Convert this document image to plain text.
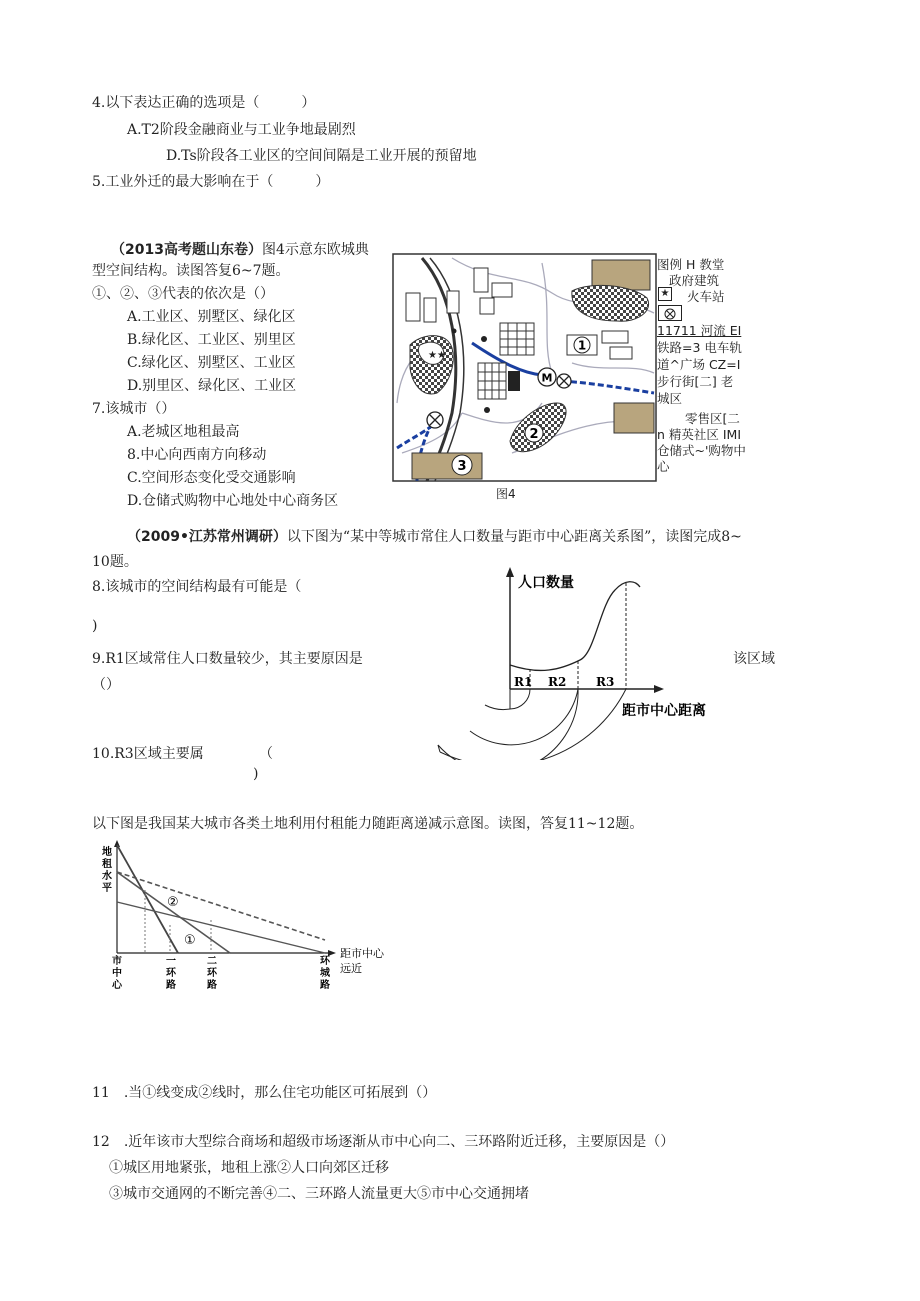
4.以下表达正确的选项是（　　　）
A.T2阶段金融商业与工业争地最剧烈
D.Ts阶段各工业区的空间间隔是工业开展的预留地
5.工业外迁的最大影响在于（　　　）
（2013高考题山东卷）图4示意东欧城典
型空间结构。读图答复6~7题。
①、②、③代表的依次是（）
A.工业区、别墅区、绿化区
B.绿化区、工业区、别里区
C.绿化区、别墅区、工业区
D.别里区、绿化区、工业区
7.该城市（）
A.老城区地租最高
8.中心向西南方向移动
C.空间形态变化受交通影响
D.仓储式购物中心地处中心商务区
★★
1
2
3
M
图例 H 教堂
政府建筑
★ 火车站
11711 河流 EI
铁路=3 电车轨
道^广场 CZ=I
步行街[二] 老
城区
零售区[二
n 精英社区 IMI
仓储式~'购物中
心
图4
（2009•江苏常州调研）以下图为“某中等城市常住人口数量与距市中心距离关系图”，读图完成8~
10题。
8.该城市的空间结构最有可能是（
)
9.R1区域常住人口数量较少，其主要原因是	该区域
（）
10.R3区域主要属	（
)
R1 R2 R3
人口数量
距市中心距离
以下图是我国某大城市各类土地利用付租能力随距离递减示意图。读图，答复11~12题。
地
租
水
平
②
①
市
中
心
一
环
路
二
环
路
环
城
路
距市中心
远近
11　.当①线变成②线时，那么住宅功能区可拓展到（）
12　.近年该市大型综合商场和超级市场逐渐从市中心向二、三环路附近迁移，主要原因是（）
①城区用地紧张，地租上涨②人口向郊区迁移
③城市交通网的不断完善④二、三环路人流量更大⑤市中心交通拥堵
